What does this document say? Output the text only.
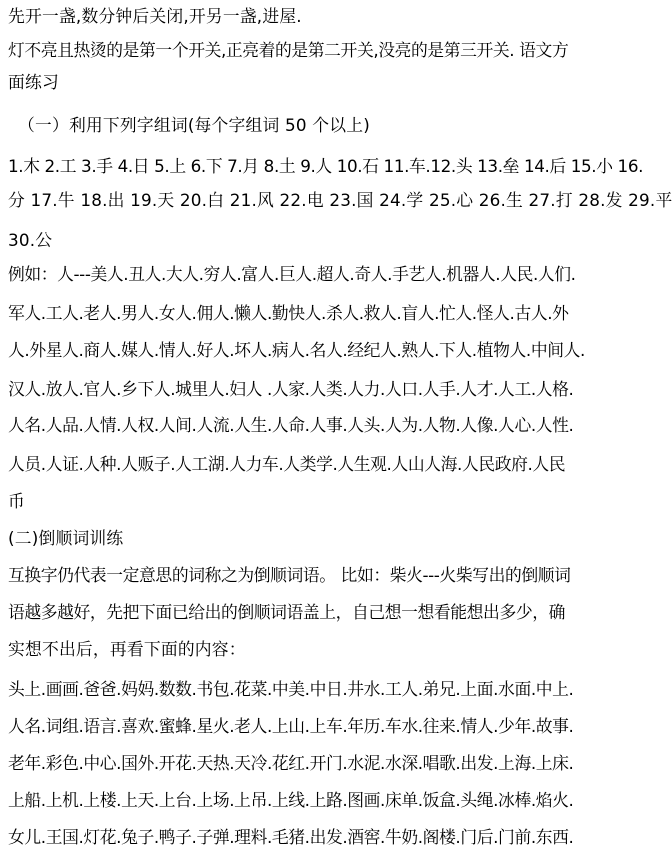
先开一盏,数分钟后关闭,开另一盏,进屋.
灯不亮且热烫的是第一个开关,正亮着的是第二开关,没亮的是第三开关. 语文方
面练习
（一）利用下列字组词(每个字组词 50 个以上)
1.木 2.工 3.手 4.日 5.上 6.下 7.月 8.土 9.人 10.石 11.车.12.头 13.垒 14.后 15.小 16.
分 17.牛 18.出 19.天 20.白 21.风 22.电 23.国 24.学 25.心 26.生 27.打 28.发 29.平
30.公
例如：人---美人.丑人.大人.穷人.富人.巨人.超人.奇人.手艺人.机器人.人民.人们.
军人.工人.老人.男人.女人.佣人.懒人.勤快人.杀人.救人.盲人.忙人.怪人.古人.外
人.外星人.商人.媒人.情人.好人.坏人.病人.名人.经纪人.熟人.下人.植物人.中间人.
汉人.放人.官人.乡下人.城里人.妇人 .人家.人类.人力.人口.人手.人才.人工.人格.
人名.人品.人情.人权.人间.人流.人生.人命.人事.人头.人为.人物.人像.人心.人性.
人员.人证.人种.人贩子.人工湖.人力车.人类学.人生观.人山人海.人民政府.人民
币
(二)倒顺词训练
互换字仍代表一定意思的词称之为倒顺词语。 比如：柴火---火柴写出的倒顺词
语越多越好，先把下面已给出的倒顺词语盖上，自己想一想看能想出多少，确
实想不出后，再看下面的内容：
头上.画画.爸爸.妈妈.数数.书包.花菜.中美.中日.井水.工人.弟兄.上面.水面.中上.
人名.词组.语言.喜欢.蜜蜂.星火.老人.上山.上车.年历.车水.往来.情人.少年.故事.
老年.彩色.中心.国外.开花.天热.天冷.花红.开门.水泥.水深.唱歌.出发.上海.上床.
上船.上机.上楼.上天.上台.上场.上吊.上线.上路.图画.床单.饭盒.头绳.冰棒.焰火.
女儿.王国.灯花.兔子.鸭子.子弹.理料.毛猪.出发.酒窖.牛奶.阁楼.门后.门前.东西.
